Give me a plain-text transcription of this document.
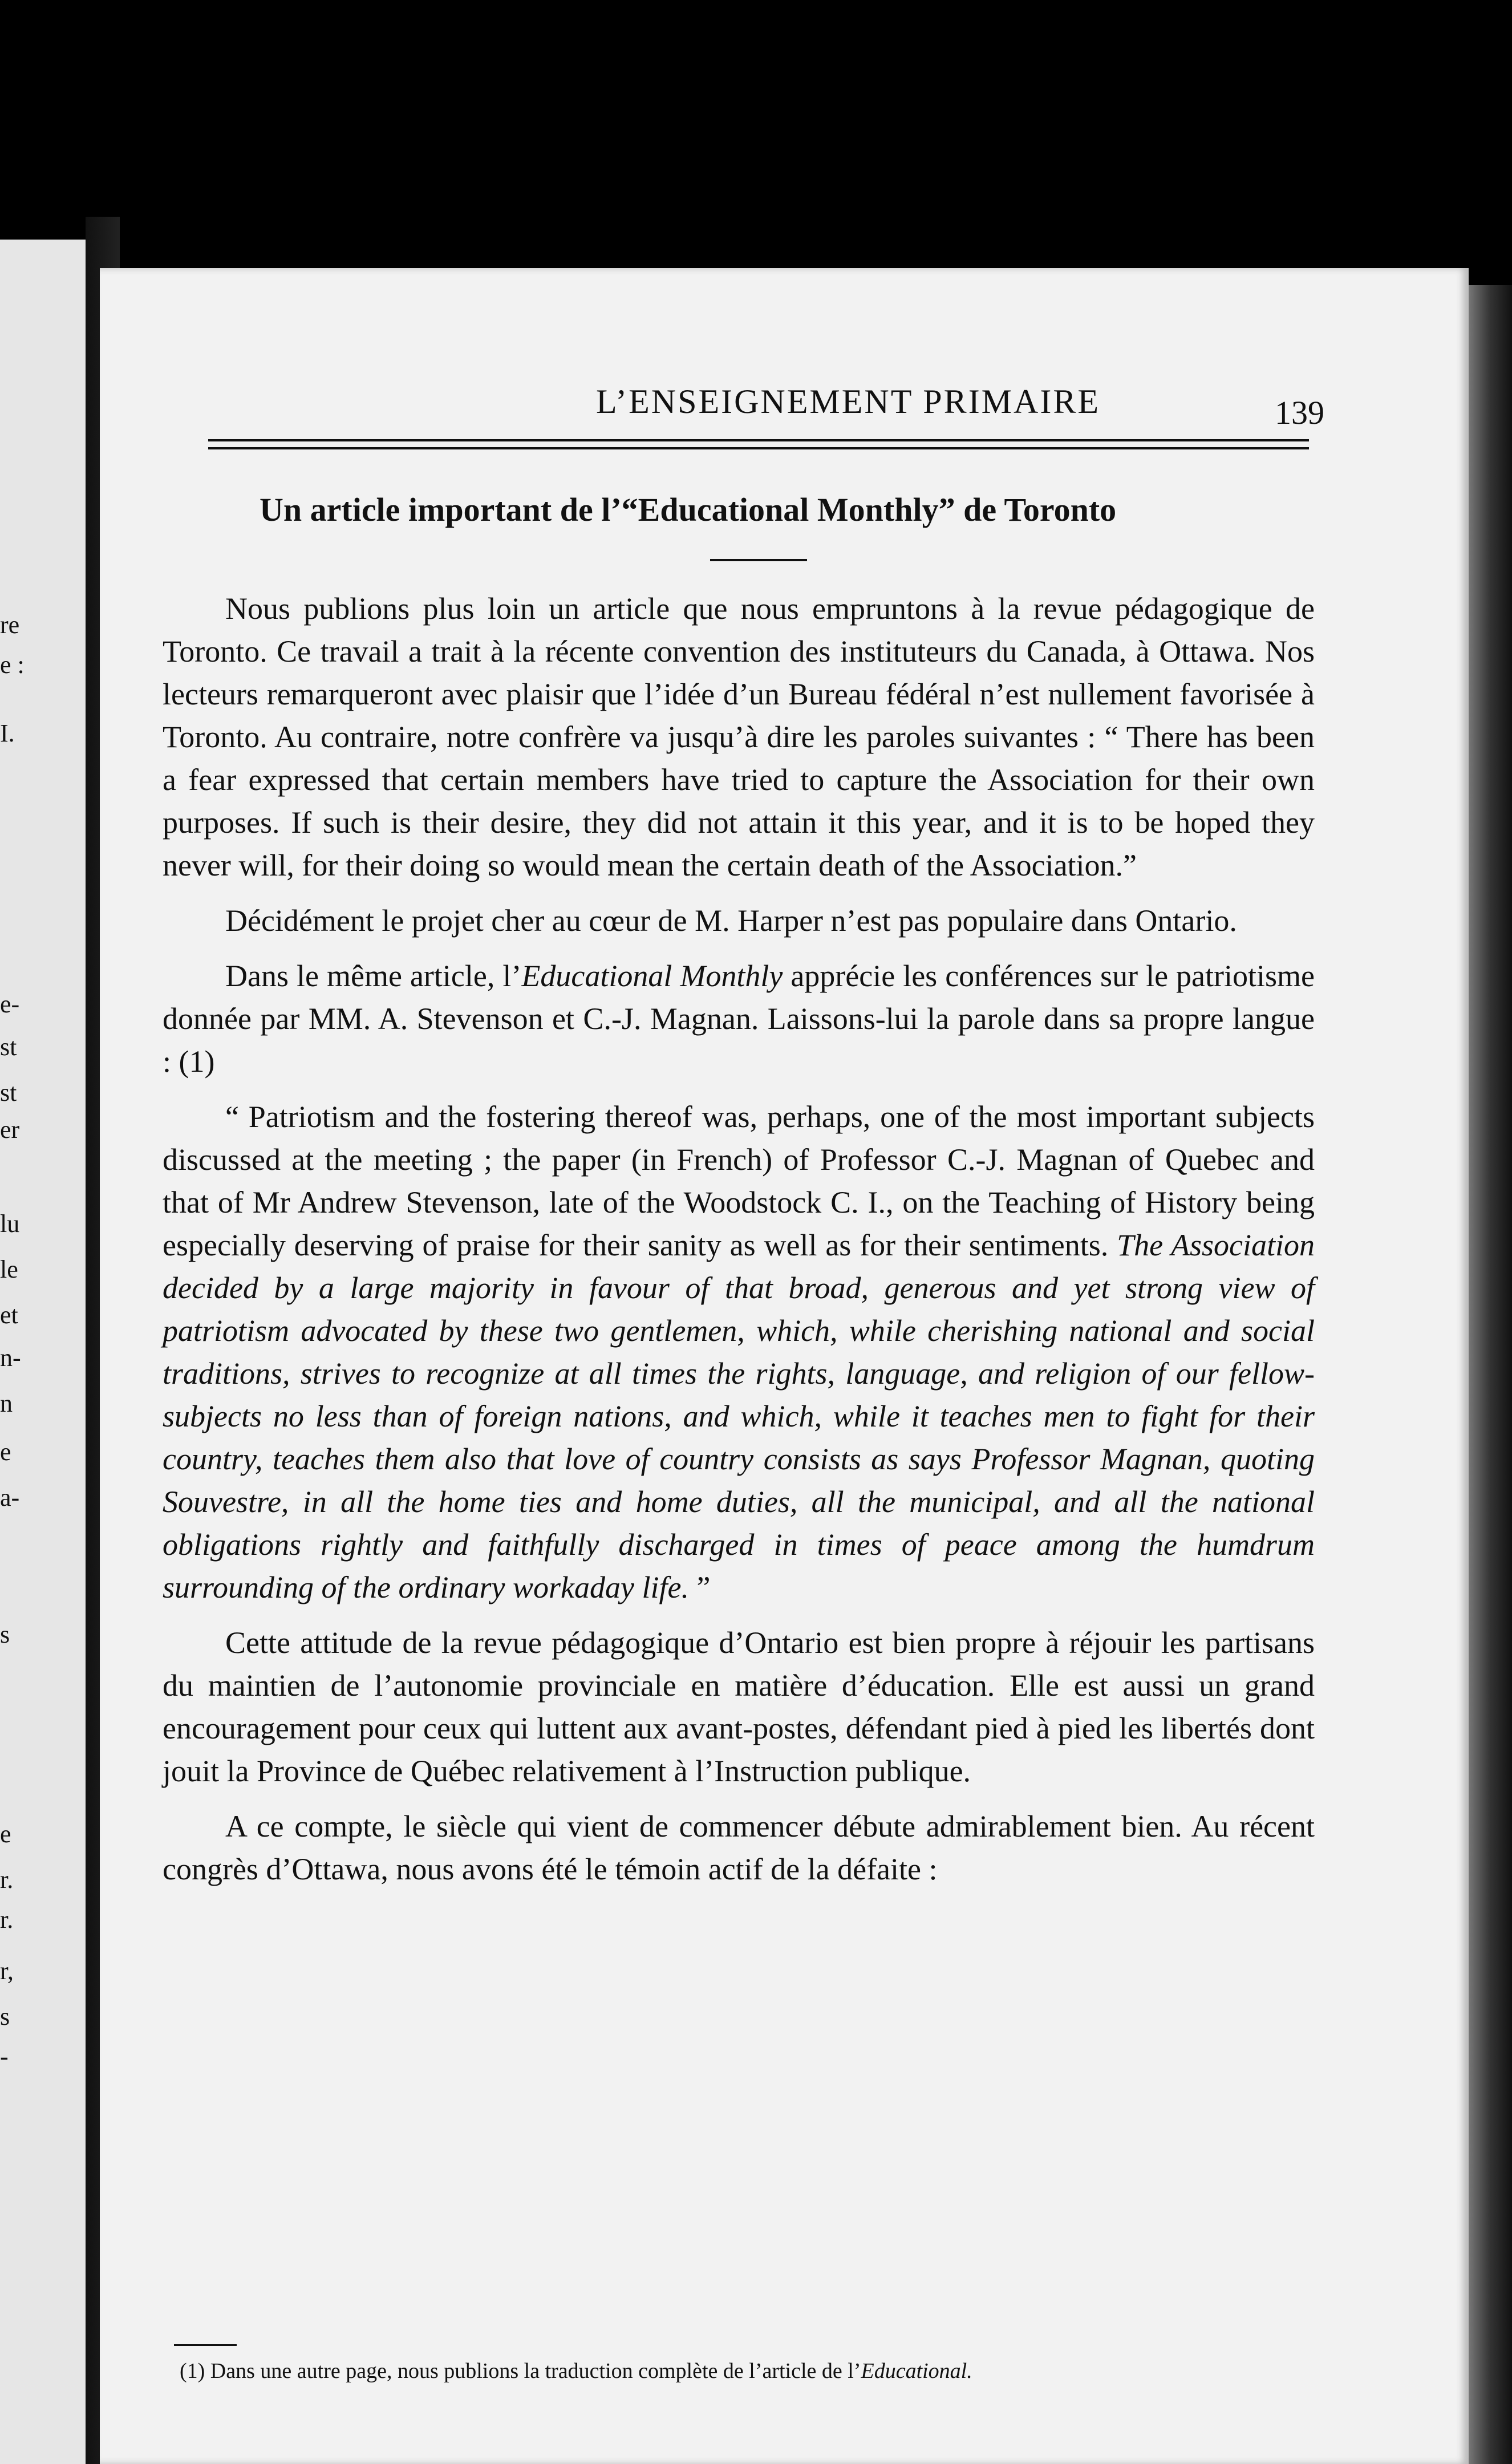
re
e :
I.
e-
st
st
er
lu
le
et
n-
n
e
a-
s
e
r.
r.
r,
s
-
L’ENSEIGNEMENT PRIMAIRE	139
Un article important de l’“Educational Monthly” de Toronto

Nous publions plus loin un article que nous empruntons à la revue pédagogique de Toronto. Ce travail a trait à la récente convention des instituteurs du Canada, à Ottawa. Nos lecteurs remarqueront avec plaisir que l’idée d’un Bureau fédéral n’est nullement favorisée à Toronto. Au contraire, notre confrère va jusqu’à dire les paroles suivantes : “ There has been a fear expressed that certain members have tried to capture the Association for their own purposes. If such is their desire, they did not attain it this year, and it is to be hoped they never will, for their doing so would mean the certain death of the Association.”

Décidément le projet cher au cœur de M. Harper n’est pas populaire dans Ontario.

Dans le même article, l’Educational Monthly apprécie les conférences sur le patriotisme donnée par MM. A. Stevenson et C.-J. Magnan. Laissons-lui la parole dans sa propre langue : (1)

“ Patriotism and the fostering thereof was, perhaps, one of the most important subjects discussed at the meeting ; the paper (in French) of Professor C.-J. Magnan of Quebec and that of Mr Andrew Stevenson, late of the Woodstock C. I., on the Teaching of History being especially deserving of praise for their sanity as well as for their sentiments. The Association decided by a large majority in favour of that broad, generous and yet strong view of patriotism advocated by these two gentlemen, which, while cherishing national and social traditions, strives to recognize at all times the rights, language, and religion of our fellow-subjects no less than of foreign nations, and which, while it teaches men to fight for their country, teaches them also that love of country consists as says Professor Magnan, quoting Souvestre, in all the home ties and home duties, all the municipal, and all the national obligations rightly and faithfully discharged in times of peace among the humdrum surrounding of the ordinary workaday life. ”

Cette attitude de la revue pédagogique d’Ontario est bien propre à réjouir les partisans du maintien de l’autonomie provinciale en matière d’éducation. Elle est aussi un grand encouragement pour ceux qui luttent aux avant-postes, défendant pied à pied les libertés dont jouit la Province de Québec relativement à l’Instruction publique.

A ce compte, le siècle qui vient de commencer débute admirablement bien. Au récent congrès d’Ottawa, nous avons été le témoin actif de la défaite :

(1) Dans une autre page, nous publions la traduction complète de l’article de l’Educational.
